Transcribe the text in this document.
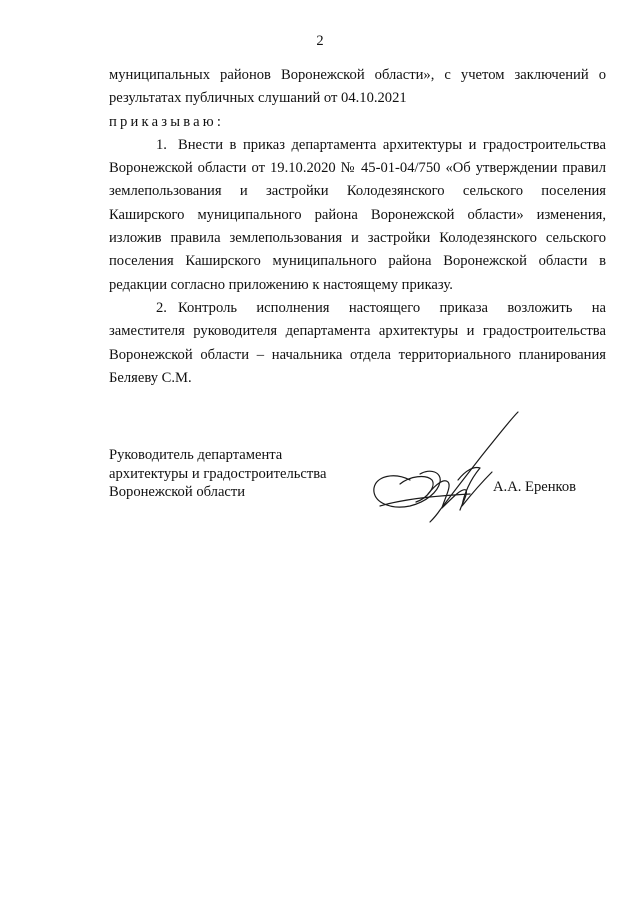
2
муниципальных районов Воронежской области», с учетом заключений о
результатах публичных слушаний от 04.10.2021
приказываю:
1. Внести в приказ департамента архитектуры и градостроительства
Воронежской области от 19.10.2020 № 45-01-04/750 «Об утверждении правил
землепользования и застройки Колодезянского сельского поселения
Каширского муниципального района Воронежской области» изменения,
изложив правила землепользования и застройки Колодезянского сельского
поселения Каширского муниципального района Воронежской области в
редакции согласно приложению к настоящему приказу.
2. Контроль исполнения настоящего приказа возложить на
заместителя руководителя департамента архитектуры и градостроительства
Воронежской области – начальника отдела территориального планирования
Беляеву С.М.
Руководитель департамента
архитектуры и градостроительства
Воронежской области	А.А. Еренков
